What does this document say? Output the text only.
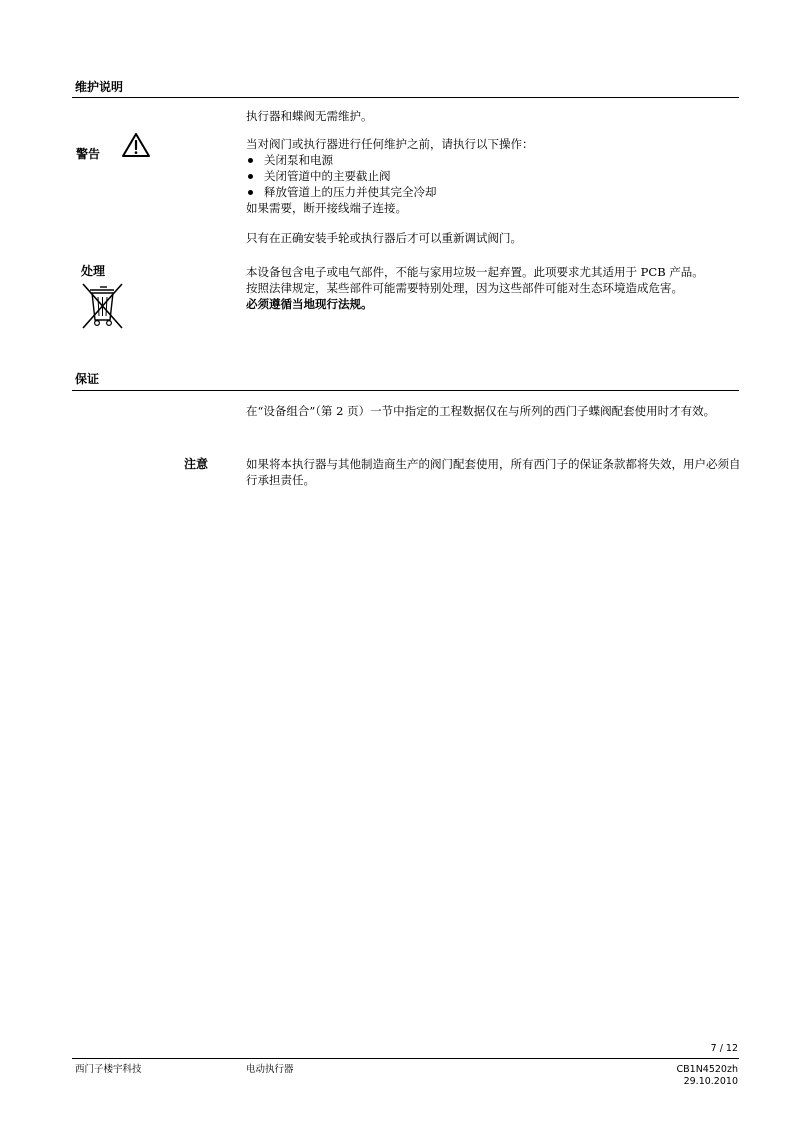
维护说明
执行器和蝶阀无需维护。
警告
当对阀门或执行器进行任何维护之前，请执行以下操作：
关闭泵和电源
关闭管道中的主要截止阀
释放管道上的压力并使其完全冷却
如果需要，断开接线端子连接。
只有在正确安装手轮或执行器后才可以重新调试阀门。
处理	本设备包含电子或电气部件，不能与家用垃圾一起弃置。此项要求尤其适用于 PCB 产品。
按照法律规定，某些部件可能需要特别处理，因为这些部件可能对生态环境造成危害。
必须遵循当地现行法规。
保证
在“设备组合”（第 2 页）一节中指定的工程数据仅在与所列的西门子蝶阀配套使用时才有效。
注意	如果将本执行器与其他制造商生产的阀门配套使用，所有西门子的保证条款都将失效，用户必须自行承担责任。
7 / 12
西门子楼宇科技	电动执行器	CB1N4520zh
29.10.2010
